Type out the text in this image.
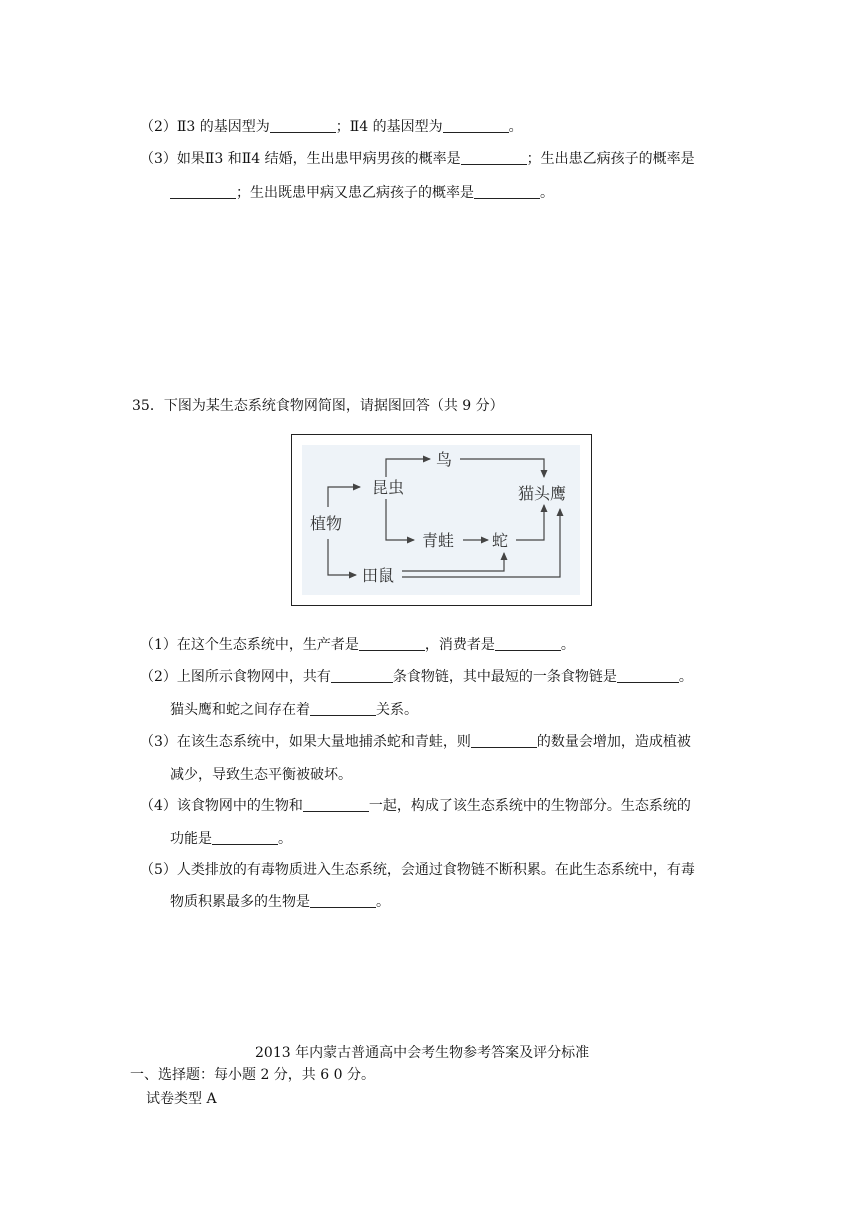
（2）Ⅱ3 的基因型为	；Ⅱ4 的基因型为	。
（3）如果Ⅱ3 和Ⅱ4 结婚，生出患甲病男孩的概率是	；生出患乙病孩子的概率是
；生出既患甲病又患乙病孩子的概率是	。
35．下图为某生态系统食物网简图，请据图回答（共 9 分）
植物
昆虫
鸟
猫头鹰
青蛙 蛇
田鼠
（1）在这个生态系统中，生产者是	，消费者是	。
（2）上图所示食物网中，共有	条食物链，其中最短的一条食物链是	。
猫头鹰和蛇之间存在着	关系。
（3）在该生态系统中，如果大量地捕杀蛇和青蛙，则	的数量会增加，造成植被
减少，导致生态平衡被破坏。
（4）该食物网中的生物和	一起，构成了该生态系统中的生物部分。生态系统的
功能是	。
（5）人类排放的有毒物质进入生态系统，会通过食物链不断积累。在此生态系统中，有毒
物质积累最多的生物是	。
2013 年内蒙古普通高中会考生物参考答案及评分标准
一、选择题：每小题 2 分，共 6 0 分。
试卷类型 A
